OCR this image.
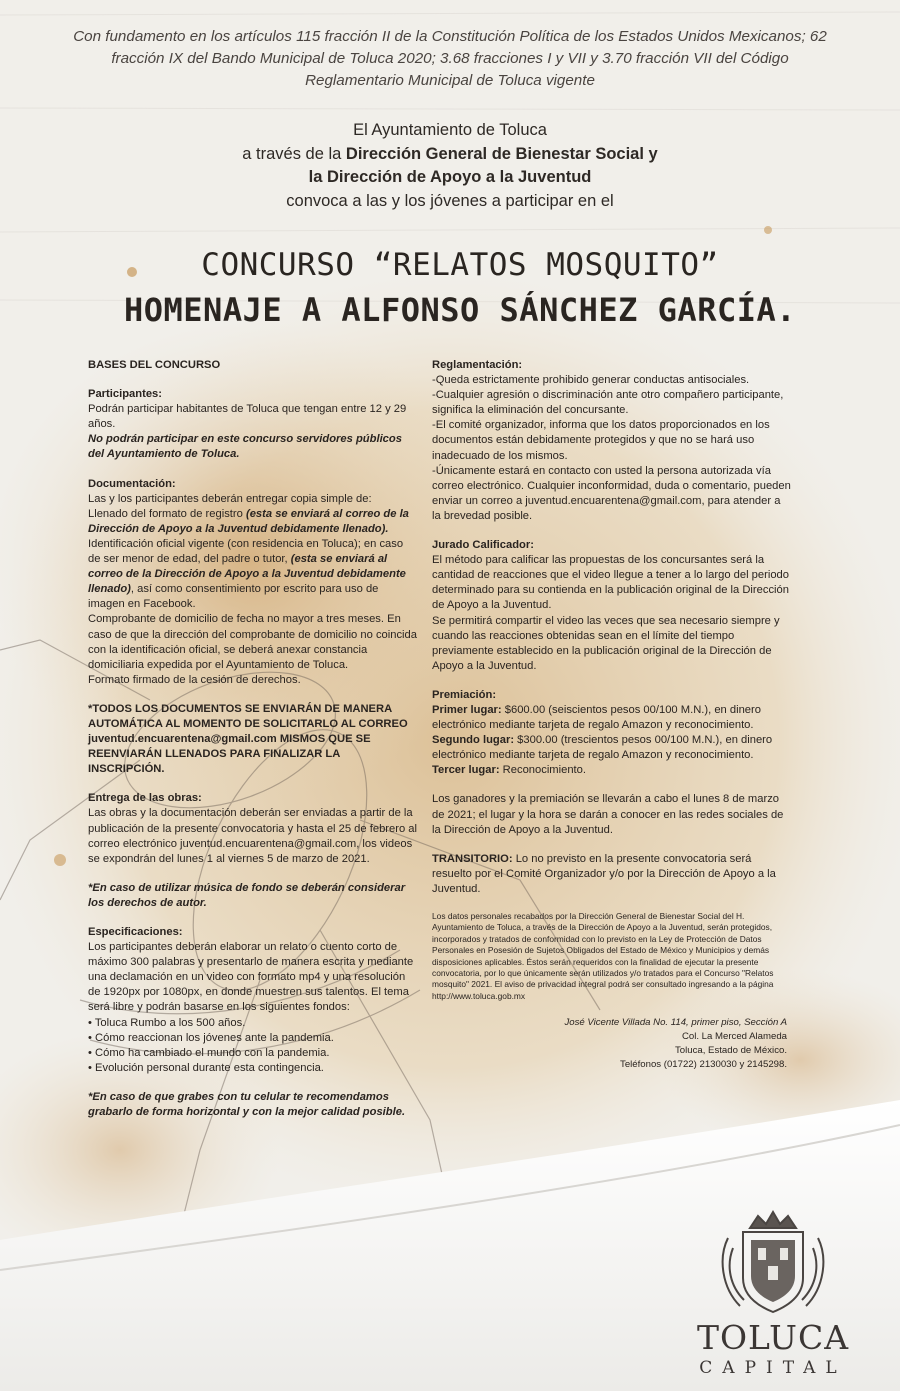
Con fundamento en los artículos 115 fracción II de la Constitución Política de los Estados Unidos Mexicanos; 62 fracción IX del Bando Municipal de Toluca 2020; 3.68 fracciones I y VII y 3.70 fracción VII del Código Reglamentario Municipal de Toluca vigente
El Ayuntamiento de Toluca
a través de la Dirección General de Bienestar Social y
la Dirección de Apoyo a la Juventud
convoca a las y los jóvenes a participar en el
CONCURSO “RELATOS MOSQUITO”
HOMENAJE A ALFONSO SÁNCHEZ GARCÍA.
BASES DEL CONCURSO
Participantes:
Podrán participar habitantes de Toluca que tengan entre 12 y 29 años.
No podrán participar en este concurso servidores públicos del Ayuntamiento de Toluca.
Documentación:
Las y los participantes deberán entregar copia simple de:
Llenado del formato de registro (esta se enviará al correo de la Dirección de Apoyo a la Juventud debidamente llenado).
Identificación oficial vigente (con residencia en Toluca); en caso de ser menor de edad, del padre o tutor, (esta se enviará al correo de la Dirección de Apoyo a la Juventud debidamente llenado), así como consentimiento por escrito para uso de imagen en Facebook.
Comprobante de domicilio de fecha no mayor a tres meses. En caso de que la dirección del comprobante de domicilio no coincida con la identificación oficial, se deberá anexar constancia domiciliaria expedida por el Ayuntamiento de Toluca.
Formato firmado de la cesión de derechos.
*TODOS LOS DOCUMENTOS SE ENVIARÁN DE MANERA AUTOMÁTICA AL MOMENTO DE SOLICITARLO AL CORREO juventud.encuarentena@gmail.com MISMOS QUE SE REENVIARÁN LLENADOS PARA FINALIZAR LA INSCRIPCIÓN.
Entrega de las obras:
Las obras y la documentación deberán ser enviadas a partir de la publicación de la presente convocatoria y hasta el 25 de febrero al correo electrónico juventud.encuarentena@gmail.com, los videos se expondrán del lunes 1 al viernes 5 de marzo de 2021.
*En caso de utilizar música de fondo se deberán considerar los derechos de autor.
Especificaciones:
Los participantes deberán elaborar un relato o cuento corto de máximo 300 palabras y presentarlo de manera escrita y mediante una declamación en un video con formato mp4 y una resolución de 1920px por 1080px, en donde muestren sus talentos. El tema será libre y podrán basarse en los siguientes fondos:
• Toluca Rumbo a los 500 años.
• Cómo reaccionan los jóvenes ante la pandemia.
• Cómo ha cambiado el mundo con la pandemia.
• Evolución personal durante esta contingencia.
*En caso de que grabes con tu celular te recomendamos grabarlo de forma horizontal y con la mejor calidad posible.
Reglamentación:
-Queda estrictamente prohibido generar conductas antisociales.
-Cualquier agresión o discriminación ante otro compañero participante, significa la eliminación del concursante.
-El comité organizador, informa que los datos proporcionados en los documentos están debidamente protegidos y que no se hará uso inadecuado de los mismos.
-Únicamente estará en contacto con usted la persona autorizada vía correo electrónico. Cualquier inconformidad, duda o comentario, pueden enviar un correo a juventud.encuarentena@gmail.com, para atender a la brevedad posible.
Jurado Calificador:
El método para calificar las propuestas de los concursantes será la cantidad de reacciones que el video llegue a tener a lo largo del periodo determinado para su contienda en la publicación original de la Dirección de Apoyo a la Juventud.
Se permitirá compartir el video las veces que sea necesario siempre y cuando las reacciones obtenidas sean en el límite del tiempo previamente establecido en la publicación original de la Dirección de Apoyo a la Juventud.
Premiación:
Primer lugar: $600.00 (seiscientos pesos 00/100 M.N.), en dinero electrónico mediante tarjeta de regalo Amazon y reconocimiento.
Segundo lugar: $300.00 (trescientos pesos 00/100 M.N.), en dinero electrónico mediante tarjeta de regalo Amazon y reconocimiento.
Tercer lugar: Reconocimiento.
Los ganadores y la premiación se llevarán a cabo el lunes 8 de marzo de 2021; el lugar y la hora se darán a conocer en las redes sociales de la Dirección de Apoyo a la Juventud.
TRANSITORIO: Lo no previsto en la presente convocatoria será resuelto por el Comité Organizador y/o por la Dirección de Apoyo a la Juventud.
Los datos personales recabados por la Dirección General de Bienestar Social del H. Ayuntamiento de Toluca, a través de la Dirección de Apoyo a la Juventud, serán protegidos, incorporados y tratados de conformidad con lo previsto en la Ley de Protección de Datos Personales en Posesión de Sujetos Obligados del Estado de México y Municipios y demás disposiciones aplicables. Éstos serán requeridos con la finalidad de ejecutar la presente convocatoria, por lo que únicamente serán utilizados y/o tratados para el Concurso "Relatos mosquito" 2021. El aviso de privacidad integral podrá ser consultado ingresando a la página http://www.toluca.gob.mx
José Vicente Villada No. 114, primer piso, Sección A
Col. La Merced Alameda
Toluca, Estado de México.
Teléfonos (01722) 2130030 y 2145298.
TOLUCA
CAPITAL
